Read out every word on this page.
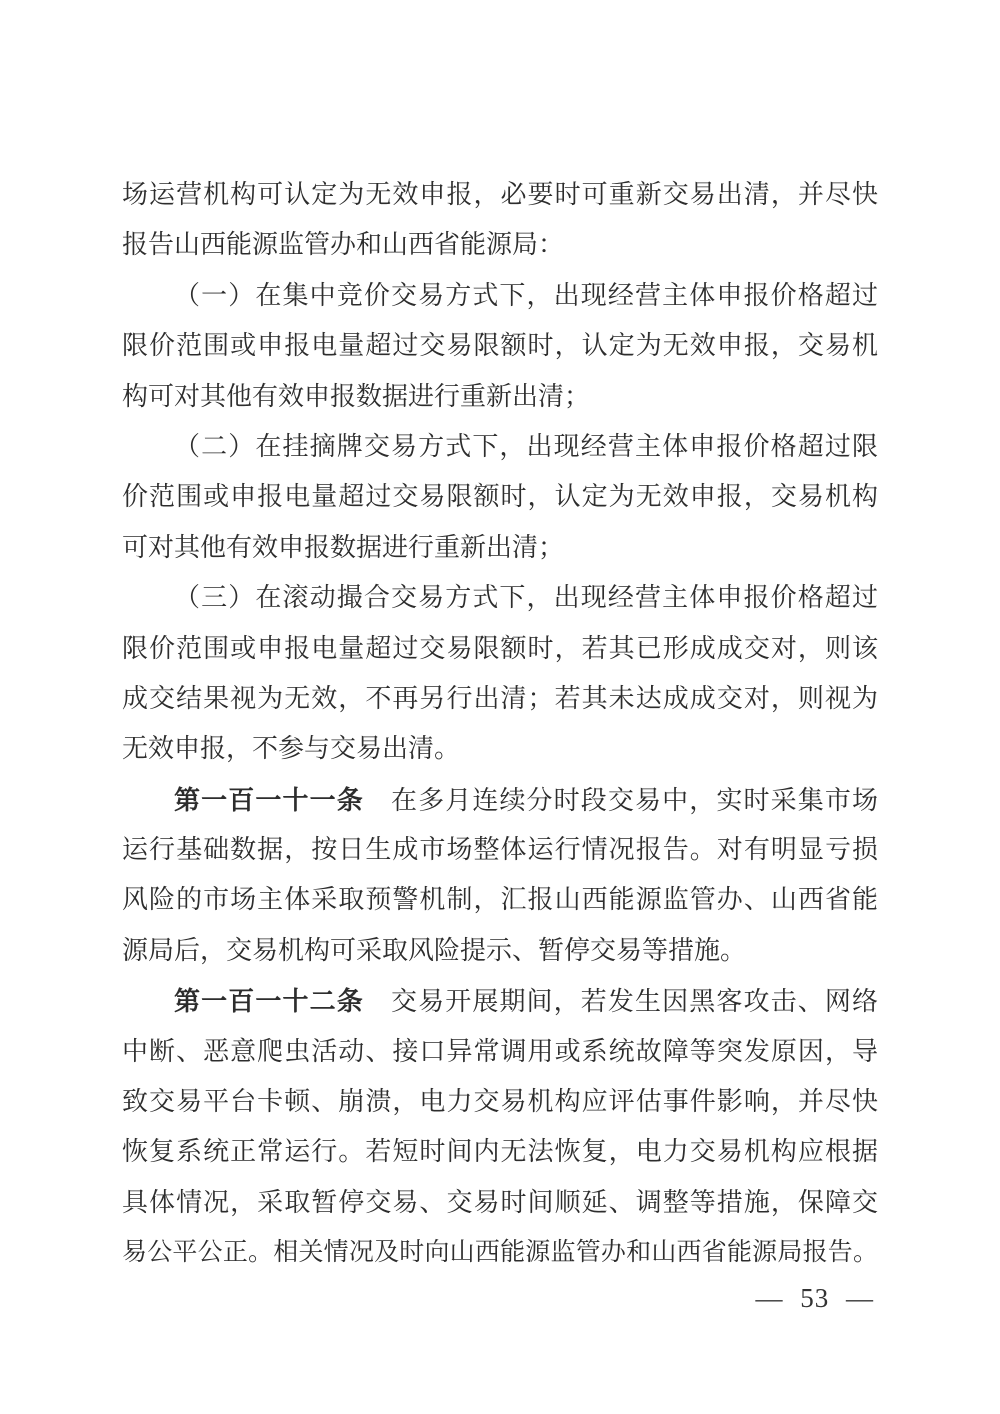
场运营机构可认定为无效申报，必要时可重新交易出清，并尽快
报告山西能源监管办和山西省能源局：
（一）在集中竞价交易方式下，出现经营主体申报价格超过
限价范围或申报电量超过交易限额时，认定为无效申报，交易机
构可对其他有效申报数据进行重新出清；
（二）在挂摘牌交易方式下，出现经营主体申报价格超过限
价范围或申报电量超过交易限额时，认定为无效申报，交易机构
可对其他有效申报数据进行重新出清；
（三）在滚动撮合交易方式下，出现经营主体申报价格超过
限价范围或申报电量超过交易限额时，若其已形成成交对，则该
成交结果视为无效，不再另行出清；若其未达成成交对，则视为
无效申报，不参与交易出清。
第一百一十一条　在多月连续分时段交易中，实时采集市场
运行基础数据，按日生成市场整体运行情况报告。对有明显亏损
风险的市场主体采取预警机制，汇报山西能源监管办、山西省能
源局后，交易机构可采取风险提示、暂停交易等措施。
第一百一十二条　交易开展期间，若发生因黑客攻击、网络
中断、恶意爬虫活动、接口异常调用或系统故障等突发原因，导
致交易平台卡顿、崩溃，电力交易机构应评估事件影响，并尽快
恢复系统正常运行。若短时间内无法恢复，电力交易机构应根据
具体情况，采取暂停交易、交易时间顺延、调整等措施，保障交
易公平公正。相关情况及时向山西能源监管办和山西省能源局报告。
— 53 —
